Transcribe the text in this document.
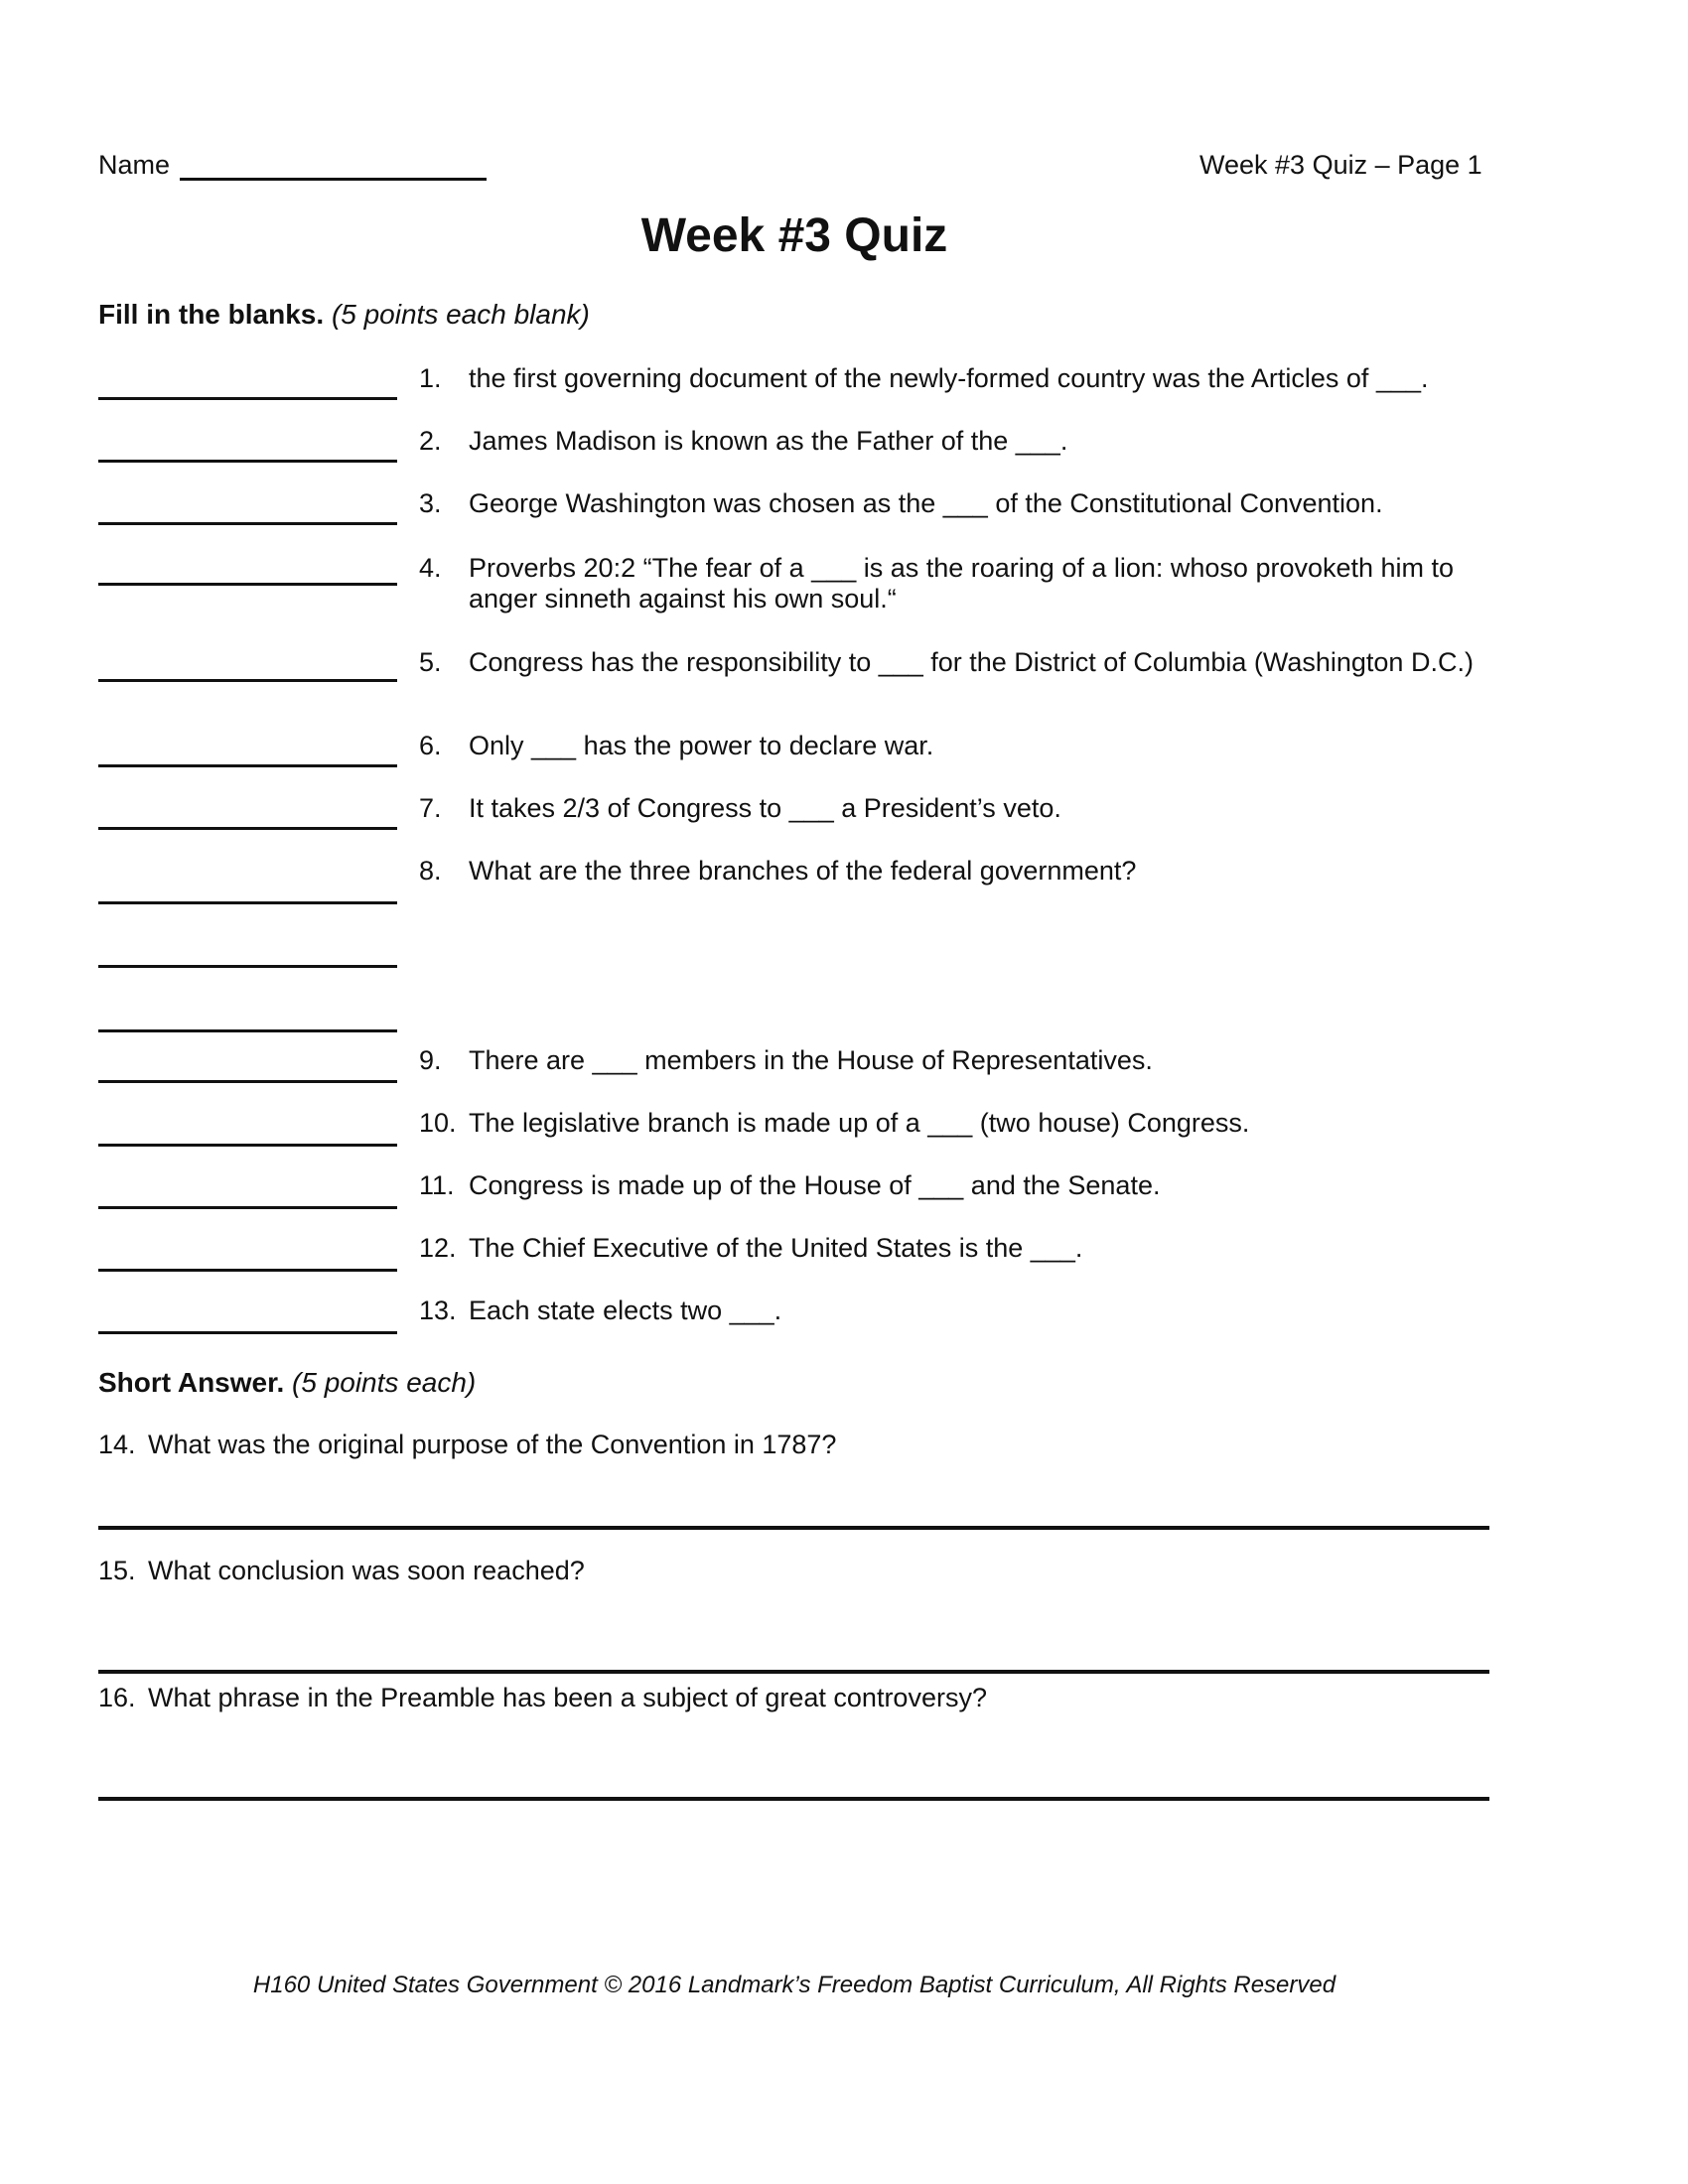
Name	Week #3 Quiz – Page 1
Week #3 Quiz
Fill in the blanks. (5 points each blank)
1. the first governing document of the newly-formed country was the Articles of ___.
2. James Madison is known as the Father of the ___.
3. George Washington was chosen as the ___ of the Constitutional Convention.
4. Proverbs 20:2 “The fear of a ___ is as the roaring of a lion: whoso provoketh him to anger sinneth against his own soul.“
5. Congress has the responsibility to ___ for the District of Columbia (Washington D.C.)
6. Only ___ has the power to declare war.
7. It takes 2/3 of Congress to ___ a President’s veto.
8. What are the three branches of the federal government?
9. There are ___ members in the House of Representatives.
10. The legislative branch is made up of a ___ (two house) Congress.
11. Congress is made up of the House of ___ and the Senate.
12. The Chief Executive of the United States is the ___.
13. Each state elects two ___.
Short Answer. (5 points each)
14. What was the original purpose of the Convention in 1787?
15. What conclusion was soon reached?
16. What phrase in the Preamble has been a subject of great controversy?
H160 United States Government © 2016 Landmark’s Freedom Baptist Curriculum, All Rights Reserved
